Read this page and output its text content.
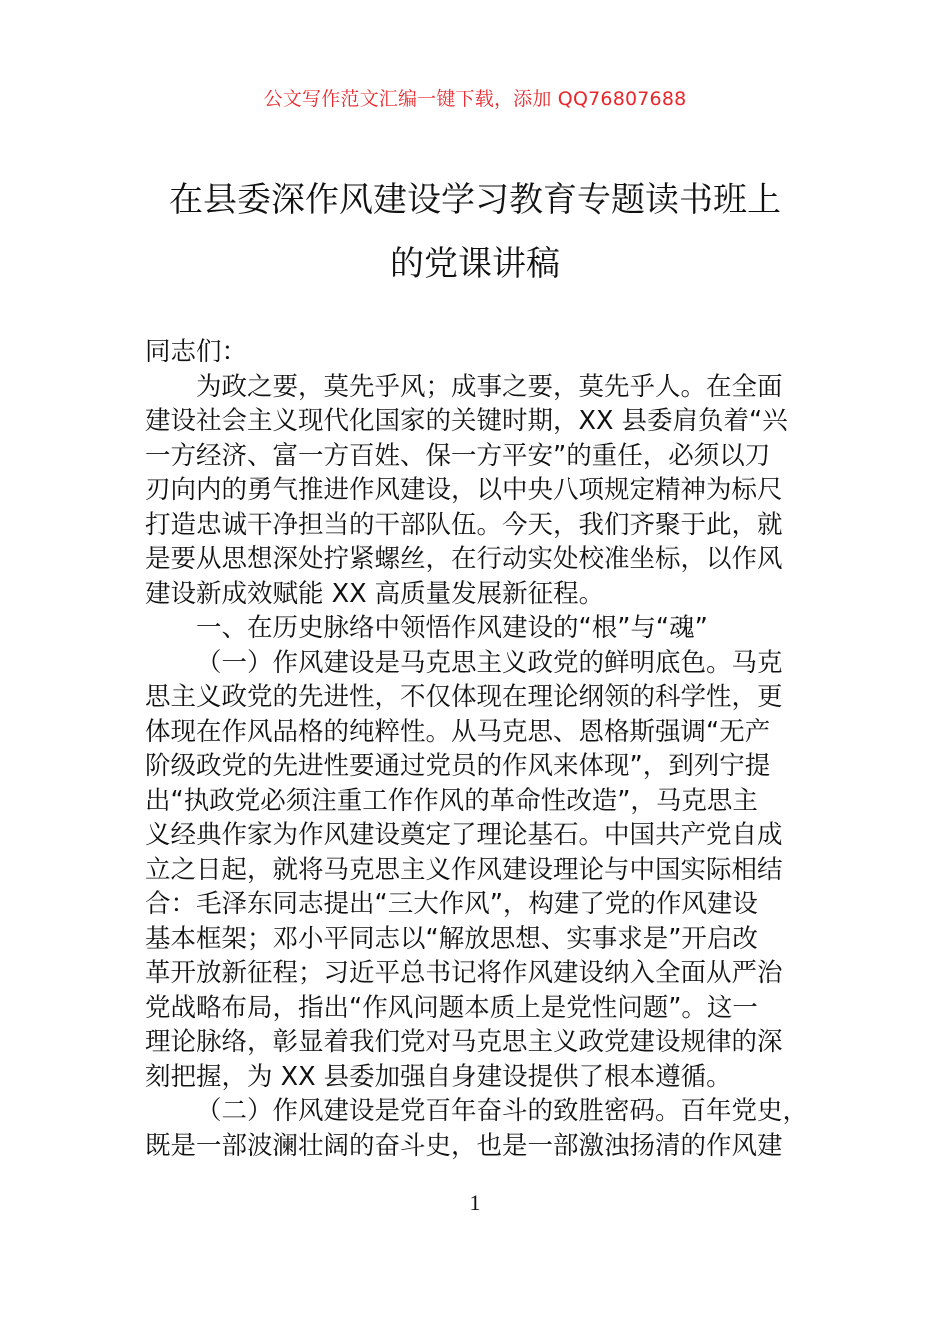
公文写作范文汇编一键下载，添加 QQ76807688
在县委深作风建设学习教育专题读书班上
的党课讲稿
同志们：
为政之要，莫先乎风；成事之要，莫先乎人。在全面
建设社会主义现代化国家的关键时期，XX 县委肩负着“兴
一方经济、富一方百姓、保一方平安”的重任，必须以刀
刃向内的勇气推进作风建设，以中央八项规定精神为标尺
打造忠诚干净担当的干部队伍。今天，我们齐聚于此，就
是要从思想深处拧紧螺丝，在行动实处校准坐标，以作风
建设新成效赋能 XX 高质量发展新征程。
一、在历史脉络中领悟作风建设的“根”与“魂”
（一）作风建设是马克思主义政党的鲜明底色。马克
思主义政党的先进性，不仅体现在理论纲领的科学性，更
体现在作风品格的纯粹性。从马克思、恩格斯强调“无产
阶级政党的先进性要通过党员的作风来体现”，到列宁提
出“执政党必须注重工作作风的革命性改造”，马克思主
义经典作家为作风建设奠定了理论基石。中国共产党自成
立之日起，就将马克思主义作风建设理论与中国实际相结
合：毛泽东同志提出“三大作风”，构建了党的作风建设
基本框架；邓小平同志以“解放思想、实事求是”开启改
革开放新征程；习近平总书记将作风建设纳入全面从严治
党战略布局，指出“作风问题本质上是党性问题”。这一
理论脉络，彰显着我们党对马克思主义政党建设规律的深
刻把握，为 XX 县委加强自身建设提供了根本遵循。
（二）作风建设是党百年奋斗的致胜密码。百年党史，
既是一部波澜壮阔的奋斗史，也是一部激浊扬清的作风建
1
